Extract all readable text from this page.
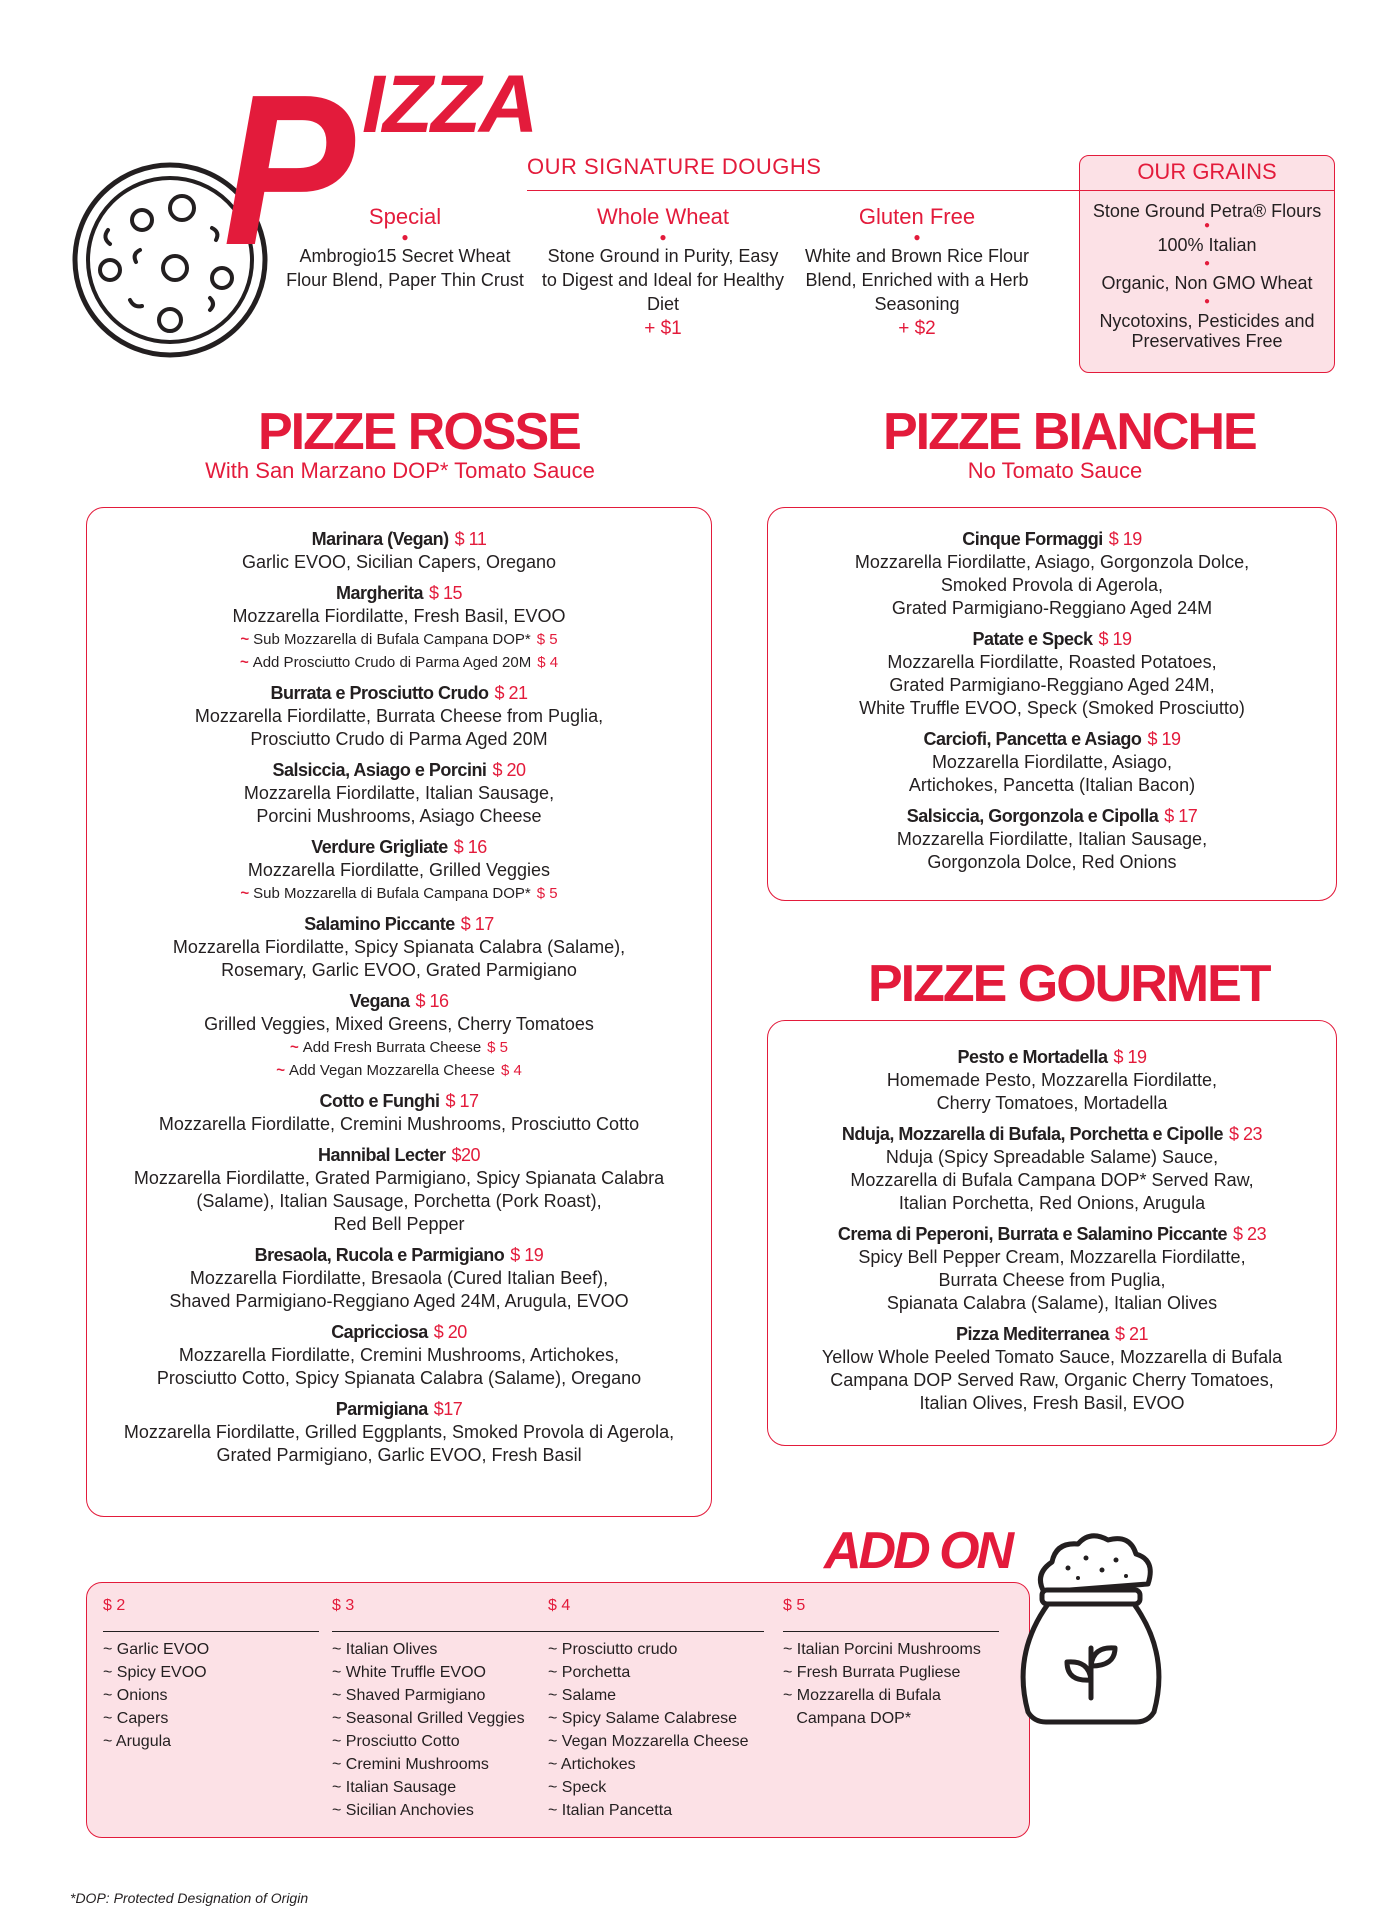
P IZZA
OUR SIGNATURE DOUGHS
Special
●
Ambrogio15 Secret Wheat Flour Blend, Paper Thin Crust
Whole Wheat
●
Stone Ground in Purity, Easy to Digest and Ideal for Healthy Diet
+ $1
Gluten Free
●
White and Brown Rice Flour Blend, Enriched with a Herb Seasoning
+ $2
OUR GRAINS
Stone Ground Petra® Flours
●
100% Italian
●
Organic, Non GMO Wheat
●
Nycotoxins, Pesticides and Preservatives Free
PIZZE ROSSE
With San Marzano DOP* Tomato Sauce
PIZZE BIANCHE
No Tomato Sauce
PIZZE GOURMET
Marinara (Vegan) $ 11
Garlic EVOO, Sicilian Capers, Oregano
Margherita $ 15
Mozzarella Fiordilatte, Fresh Basil, EVOO
~ Sub Mozzarella di Bufala Campana DOP* $ 5
~ Add Prosciutto Crudo di Parma Aged 20M $ 4
Burrata e Prosciutto Crudo $ 21
Mozzarella Fiordilatte, Burrata Cheese from Puglia,
Prosciutto Crudo di Parma Aged 20M
Salsiccia, Asiago e Porcini $ 20
Mozzarella Fiordilatte, Italian Sausage,
Porcini Mushrooms, Asiago Cheese
Verdure Grigliate $ 16
Mozzarella Fiordilatte, Grilled Veggies
~ Sub Mozzarella di Bufala Campana DOP* $ 5
Salamino Piccante $ 17
Mozzarella Fiordilatte, Spicy Spianata Calabra (Salame),
Rosemary, Garlic EVOO, Grated Parmigiano
Vegana $ 16
Grilled Veggies, Mixed Greens, Cherry Tomatoes
~ Add Fresh Burrata Cheese $ 5
~ Add Vegan Mozzarella Cheese $ 4
Cotto e Funghi $ 17
Mozzarella Fiordilatte, Cremini Mushrooms, Prosciutto Cotto
Hannibal Lecter $20
Mozzarella Fiordilatte, Grated Parmigiano, Spicy Spianata Calabra
(Salame), Italian Sausage, Porchetta (Pork Roast),
Red Bell Pepper
Bresaola, Rucola e Parmigiano $ 19
Mozzarella Fiordilatte, Bresaola (Cured Italian Beef),
Shaved Parmigiano-Reggiano Aged 24M, Arugula, EVOO
Capricciosa $ 20
Mozzarella Fiordilatte, Cremini Mushrooms, Artichokes,
Prosciutto Cotto, Spicy Spianata Calabra (Salame), Oregano
Parmigiana $17
Mozzarella Fiordilatte, Grilled Eggplants, Smoked Provola di Agerola,
Grated Parmigiano, Garlic EVOO, Fresh Basil
Cinque Formaggi $ 19
Mozzarella Fiordilatte, Asiago, Gorgonzola Dolce,
Smoked Provola di Agerola,
Grated Parmigiano-Reggiano Aged 24M
Patate e Speck $ 19
Mozzarella Fiordilatte, Roasted Potatoes,
Grated Parmigiano-Reggiano Aged 24M,
White Truffle EVOO, Speck (Smoked Prosciutto)
Carciofi, Pancetta e Asiago $ 19
Mozzarella Fiordilatte, Asiago,
Artichokes, Pancetta (Italian Bacon)
Salsiccia, Gorgonzola e Cipolla $ 17
Mozzarella Fiordilatte, Italian Sausage,
Gorgonzola Dolce, Red Onions
Pesto e Mortadella $ 19
Homemade Pesto, Mozzarella Fiordilatte,
Cherry Tomatoes, Mortadella
Nduja, Mozzarella di Bufala, Porchetta e Cipolle $ 23
Nduja (Spicy Spreadable Salame) Sauce,
Mozzarella di Bufala Campana DOP* Served Raw,
Italian Porchetta, Red Onions, Arugula
Crema di Peperoni, Burrata e Salamino Piccante $ 23
Spicy Bell Pepper Cream, Mozzarella Fiordilatte,
Burrata Cheese from Puglia,
Spianata Calabra (Salame), Italian Olives
Pizza Mediterranea $ 21
Yellow Whole Peeled Tomato Sauce, Mozzarella di Bufala
Campana DOP Served Raw, Organic Cherry Tomatoes,
Italian Olives, Fresh Basil, EVOO
ADD ON
$ 2
~ Garlic EVOO
~ Spicy EVOO
~ Onions
~ Capers
~ Arugula
$ 3
~ Italian Olives
~ White Truffle EVOO
~ Shaved Parmigiano
~ Seasonal Grilled Veggies
~ Prosciutto Cotto
~ Cremini Mushrooms
~ Italian Sausage
~ Sicilian Anchovies
$ 4
~ Prosciutto crudo
~ Porchetta
~ Salame
~ Spicy Salame Calabrese
~ Vegan Mozzarella Cheese
~ Artichokes
~ Speck
~ Italian Pancetta
$ 5
~ Italian Porcini Mushrooms
~ Fresh Burrata Pugliese
~ Mozzarella di Bufala
Campana DOP*
*DOP: Protected Designation of Origin
